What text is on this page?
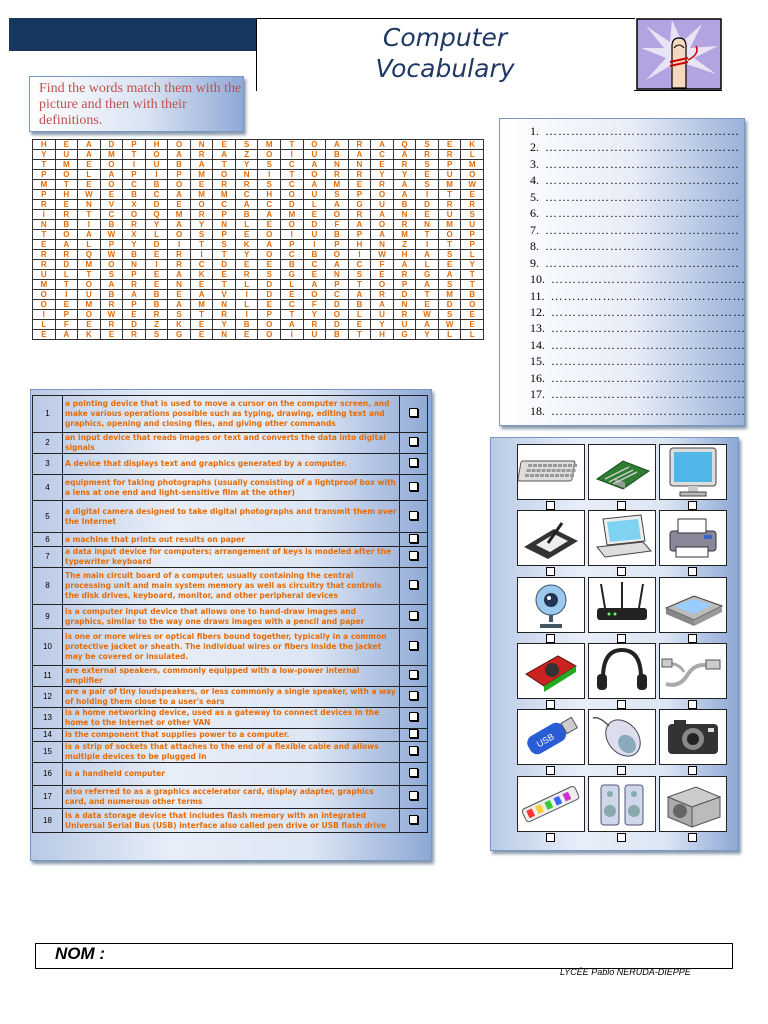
Computer
Vocabulary
Find the words match them with the picture and then with their definitions.
H	E	A	D	P	H	O	N	E	S	M	T	O	A	R	A	Q	S	E	K
Y	U	A	M	T	O	A	R	A	Z	O	I	U	B	A	C	A	R	R	L
T	M	E	O	I	U	B	A	T	Y	S	C	A	N	N	E	R	S	P	M
P	O	L	A	P	I	P	M	O	N	I	T	O	R	R	Y	Y	E	U	O
M	T	E	O	C	B	O	E	R	R	S	C	A	M	E	R	A	S	M	W
P	H	W	E	B	C	A	M	M	C	H	O	U	S	P	O	A	I	T	E
R	E	N	V	X	D	E	O	C	A	C	D	L	A	G	U	B	D	R	R
I	R	T	C	O	Q	M	R	P	B	A	M	E	O	R	A	N	E	U	S
N	B	I	B	R	Y	A	Y	N	L	E	O	D	F	A	O	R	N	M	U
T	O	A	W	X	L	O	S	P	E	O	I	U	B	P	A	M	T	O	P
E	A	L	P	Y	D	I	T	S	K	A	P	I	P	H	N	Z	I	T	P
R	R	Q	W	B	E	R	I	T	Y	O	C	B	O	I	W	H	A	S	L
R	D	M	O	N	I	R	C	D	E	E	B	C	A	C	F	A	L	E	Y
U	L	T	S	P	E	A	K	E	R	S	G	E	N	S	E	R	G	A	T
M	T	O	A	R	E	N	E	T	L	D	L	A	P	T	O	P	A	S	T
O	I	U	B	A	B	E	A	V	I	D	E	O	C	A	R	D	T	M	B
O	E	M	R	P	B	A	M	N	L	E	C	F	D	B	A	N	E	D	O
I	P	O	W	E	R	S	T	R	I	P	T	Y	O	L	U	R	W	S	E
L	F	E	R	D	Z	K	E	Y	B	O	A	R	D	E	Y	U	A	W	E
E	A	K	E	R	S	G	E	N	E	O	I	U	B	T	H	G	Y	L	L
1. ………………………………………
2. ………………………………………
3. ………………………………………
4. ………………………………………
5. ………………………………………
6. ………………………………………
7. ………………………………………
8. ………………………………………
9. ………………………………………
10. ………………………………………
11. ………………………………………
12. ………………………………………
13. ………………………………………
14. ………………………………………
15. ………………………………………
16. ………………………………………
17. ………………………………………
18. ………………………………………
1	a pointing device that is used to move a cursor on the computer screen, and make various operations possible such as typing, drawing, editing text and graphics, opening and closing files, and giving other commands	
2	an input device that reads images or text and converts the data into digital signals	
3	A device that displays text and graphics generated by a computer.	
4	equipment for taking photographs (usually consisting of a lightproof box with a lens at one end and light-sensitive film at the other)	
5	a digital camera designed to take digital photographs and transmit them over the Internet	
6	a machine that prints out results on paper	
7	a data input device for computers; arrangement of keys is modeled after the typewriter keyboard	
8	The main circuit board of a computer, usually containing the central processing unit and main system memory as well as circuitry that controls the disk drives, keyboard, monitor, and other peripheral devices	
9	is a computer input device that allows one to hand-draw images and graphics, similar to the way one draws images with a pencil and paper	
10	is one or more wires or optical fibers bound together, typically in a common protective jacket or sheath. The individual wires or fibers inside the jacket may be covered or insulated.	
11	are external speakers, commonly equipped with a low-power internal amplifier	
12	are a pair of tiny loudspeakers, or less commonly a single speaker, with a way of holding them close to a user's ears	
13	is a home networking device, used as a gateway to connect devices in the home to the Internet or other VAN	
14	is the component that supplies power to a computer.	
15	is a strip of sockets that attaches to the end of a flexible cable and allows multiple devices to be plugged in	
16	is a handheld computer	
17	also referred to as a graphics accelerator card, display adapter, graphics card, and numerous other terms	
18	is a data storage device that includes flash memory with an integrated Universal Serial Bus (USB) interface also called pen drive or USB flash drive	
USB
NOM :
LYCÉE Pablo NERUDA-DIEPPE
